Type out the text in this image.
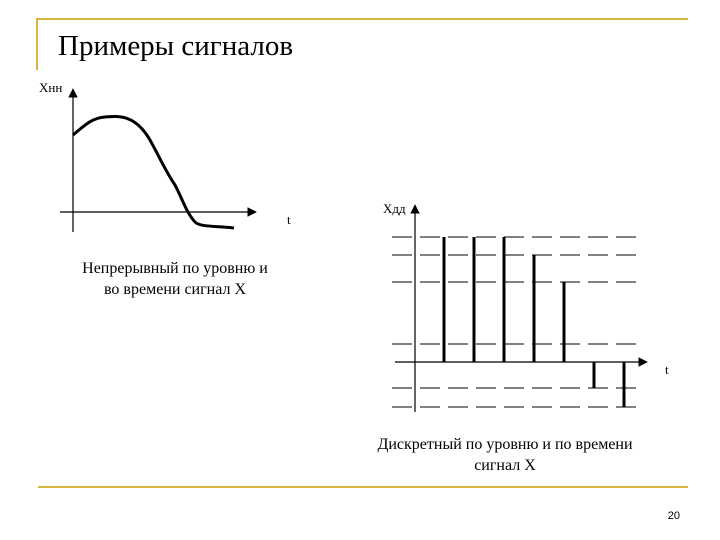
Примеры сигналов
Хнн
t
Хдд
t
Непрерывный по уровню и
во времени сигнал Х
Дискретный по уровню и по времени
сигнал Х
20
